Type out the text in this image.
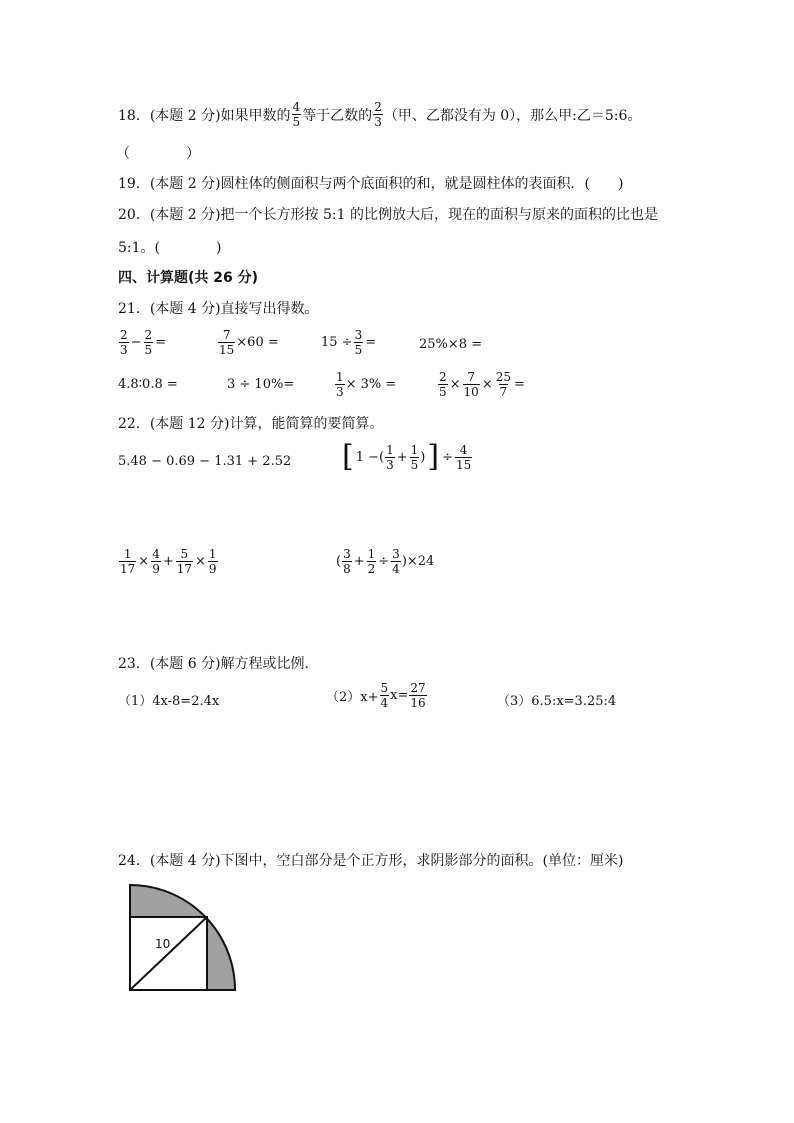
18．(本题 2 分)如果甲数的 $\frac{4}{5}$ 等于乙数的 $\frac{2}{3}$ （甲、乙都没有为 0），那么甲:乙＝5:6。
（　　　　）
19．(本题 2 分)圆柱体的侧面积与两个底面积的和，就是圆柱体的表面积．(　　)
20．(本题 2 分)把一个长方形按 5:1 的比例放大后，现在的面积与原来的面积的比也是
5:1。(　　　　)
四、计算题(共 26 分)
21．(本题 4 分)直接写出得数。
$\frac{2}{3} - \frac{2}{5}$ =	$\frac{7}{15} \times 60$ =	$15 \div \frac{3}{5}$ =	25%×8 =
4.8∶0.8 =	3 ÷ 10%=	$\frac{1}{3} \times 3\%$ =	$\frac{2}{5} \times \frac{7}{10} \times \frac{25}{7}$ =
22．(本题 12 分)计算，能简算的要简算。
5.48 − 0.69 − 1.31 + 2.52 [ 1 − ( $\frac{1}{3} + \frac{1}{5}$ ) ] ÷ $\frac{4}{15}$
$\frac{1}{17} \times \frac{4}{9} + \frac{5}{17} \times \frac{1}{9}$	( $\frac{3}{8} + \frac{1}{2} \div \frac{3}{4} )\times 24$
23．(本题 6 分)解方程或比例．
（1）4x-8=2.4x	$(2)x+ \frac{5}{4} x= \frac{27}{16}$	（3）6.5:x=3.25:4
24．(本题 4 分)下图中，空白部分是个正方形，求阴影部分的面积。(单位：厘米)
10
